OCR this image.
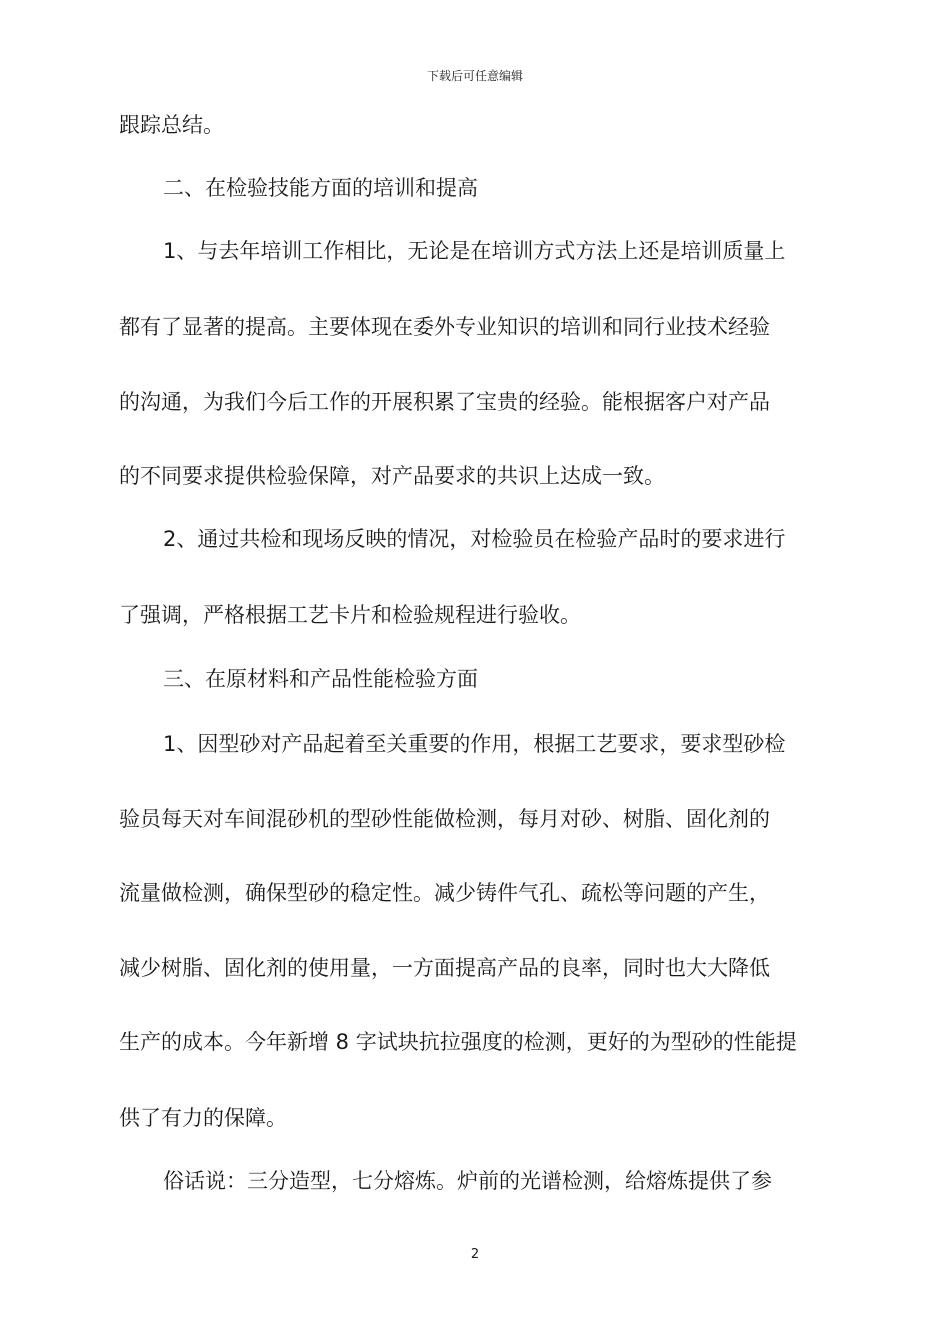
下载后可任意编辑
跟踪总结。
二、在检验技能方面的培训和提高
1、与去年培训工作相比，无论是在培训方式方法上还是培训质量上
都有了显著的提高。主要体现在委外专业知识的培训和同行业技术经验
的沟通，为我们今后工作的开展积累了宝贵的经验。能根据客户对产品
的不同要求提供检验保障，对产品要求的共识上达成一致。
2、通过共检和现场反映的情况，对检验员在检验产品时的要求进行
了强调，严格根据工艺卡片和检验规程进行验收。
三、在原材料和产品性能检验方面
1、因型砂对产品起着至关重要的作用，根据工艺要求，要求型砂检
验员每天对车间混砂机的型砂性能做检测，每月对砂、树脂、固化剂的
流量做检测，确保型砂的稳定性。减少铸件气孔、疏松等问题的产生，
减少树脂、固化剂的使用量，一方面提高产品的良率，同时也大大降低
生产的成本。今年新增 8 字试块抗拉强度的检测，更好的为型砂的性能提
供了有力的保障。
俗话说：三分造型，七分熔炼。炉前的光谱检测，给熔炼提供了参
2
